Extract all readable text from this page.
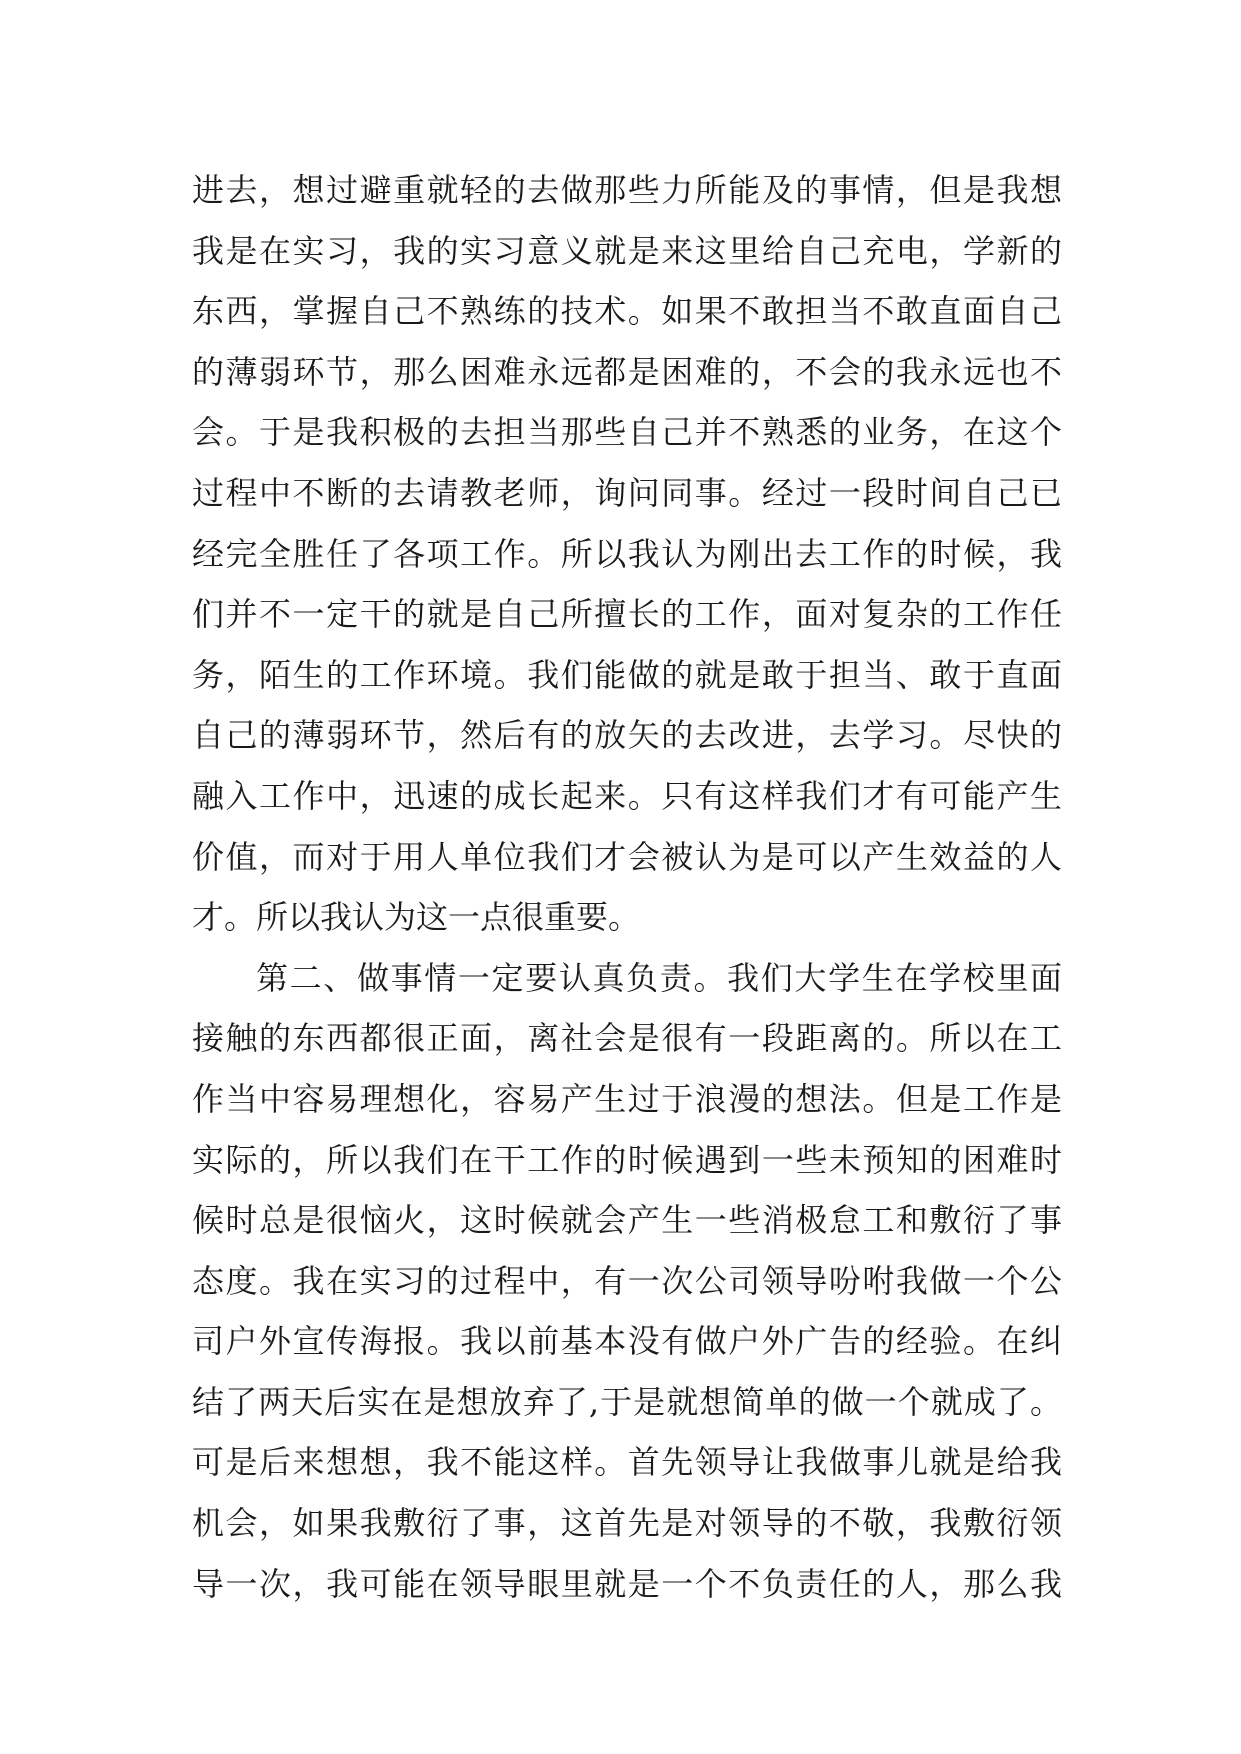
进去，想过避重就轻的去做那些力所能及的事情，但是我想
我是在实习，我的实习意义就是来这里给自己充电，学新的
东西，掌握自己不熟练的技术。如果不敢担当不敢直面自己
的薄弱环节，那么困难永远都是困难的，不会的我永远也不
会。于是我积极的去担当那些自己并不熟悉的业务，在这个
过程中不断的去请教老师，询问同事。经过一段时间自己已
经完全胜任了各项工作。所以我认为刚出去工作的时候，我
们并不一定干的就是自己所擅长的工作，面对复杂的工作任
务，陌生的工作环境。我们能做的就是敢于担当、敢于直面
自己的薄弱环节，然后有的放矢的去改进，去学习。尽快的
融入工作中，迅速的成长起来。只有这样我们才有可能产生
价值，而对于用人单位我们才会被认为是可以产生效益的人
才。所以我认为这一点很重要。
第二、做事情一定要认真负责。我们大学生在学校里面
接触的东西都很正面，离社会是很有一段距离的。所以在工
作当中容易理想化，容易产生过于浪漫的想法。但是工作是
实际的，所以我们在干工作的时候遇到一些未预知的困难时
候时总是很恼火，这时候就会产生一些消极怠工和敷衍了事
态度。我在实习的过程中，有一次公司领导吩咐我做一个公
司户外宣传海报。我以前基本没有做户外广告的经验。在纠
结了两天后实在是想放弃了,于是就想简单的做一个就成了。
可是后来想想，我不能这样。首先领导让我做事儿就是给我
机会，如果我敷衍了事，这首先是对领导的不敬，我敷衍领
导一次，我可能在领导眼里就是一个不负责任的人，那么我
